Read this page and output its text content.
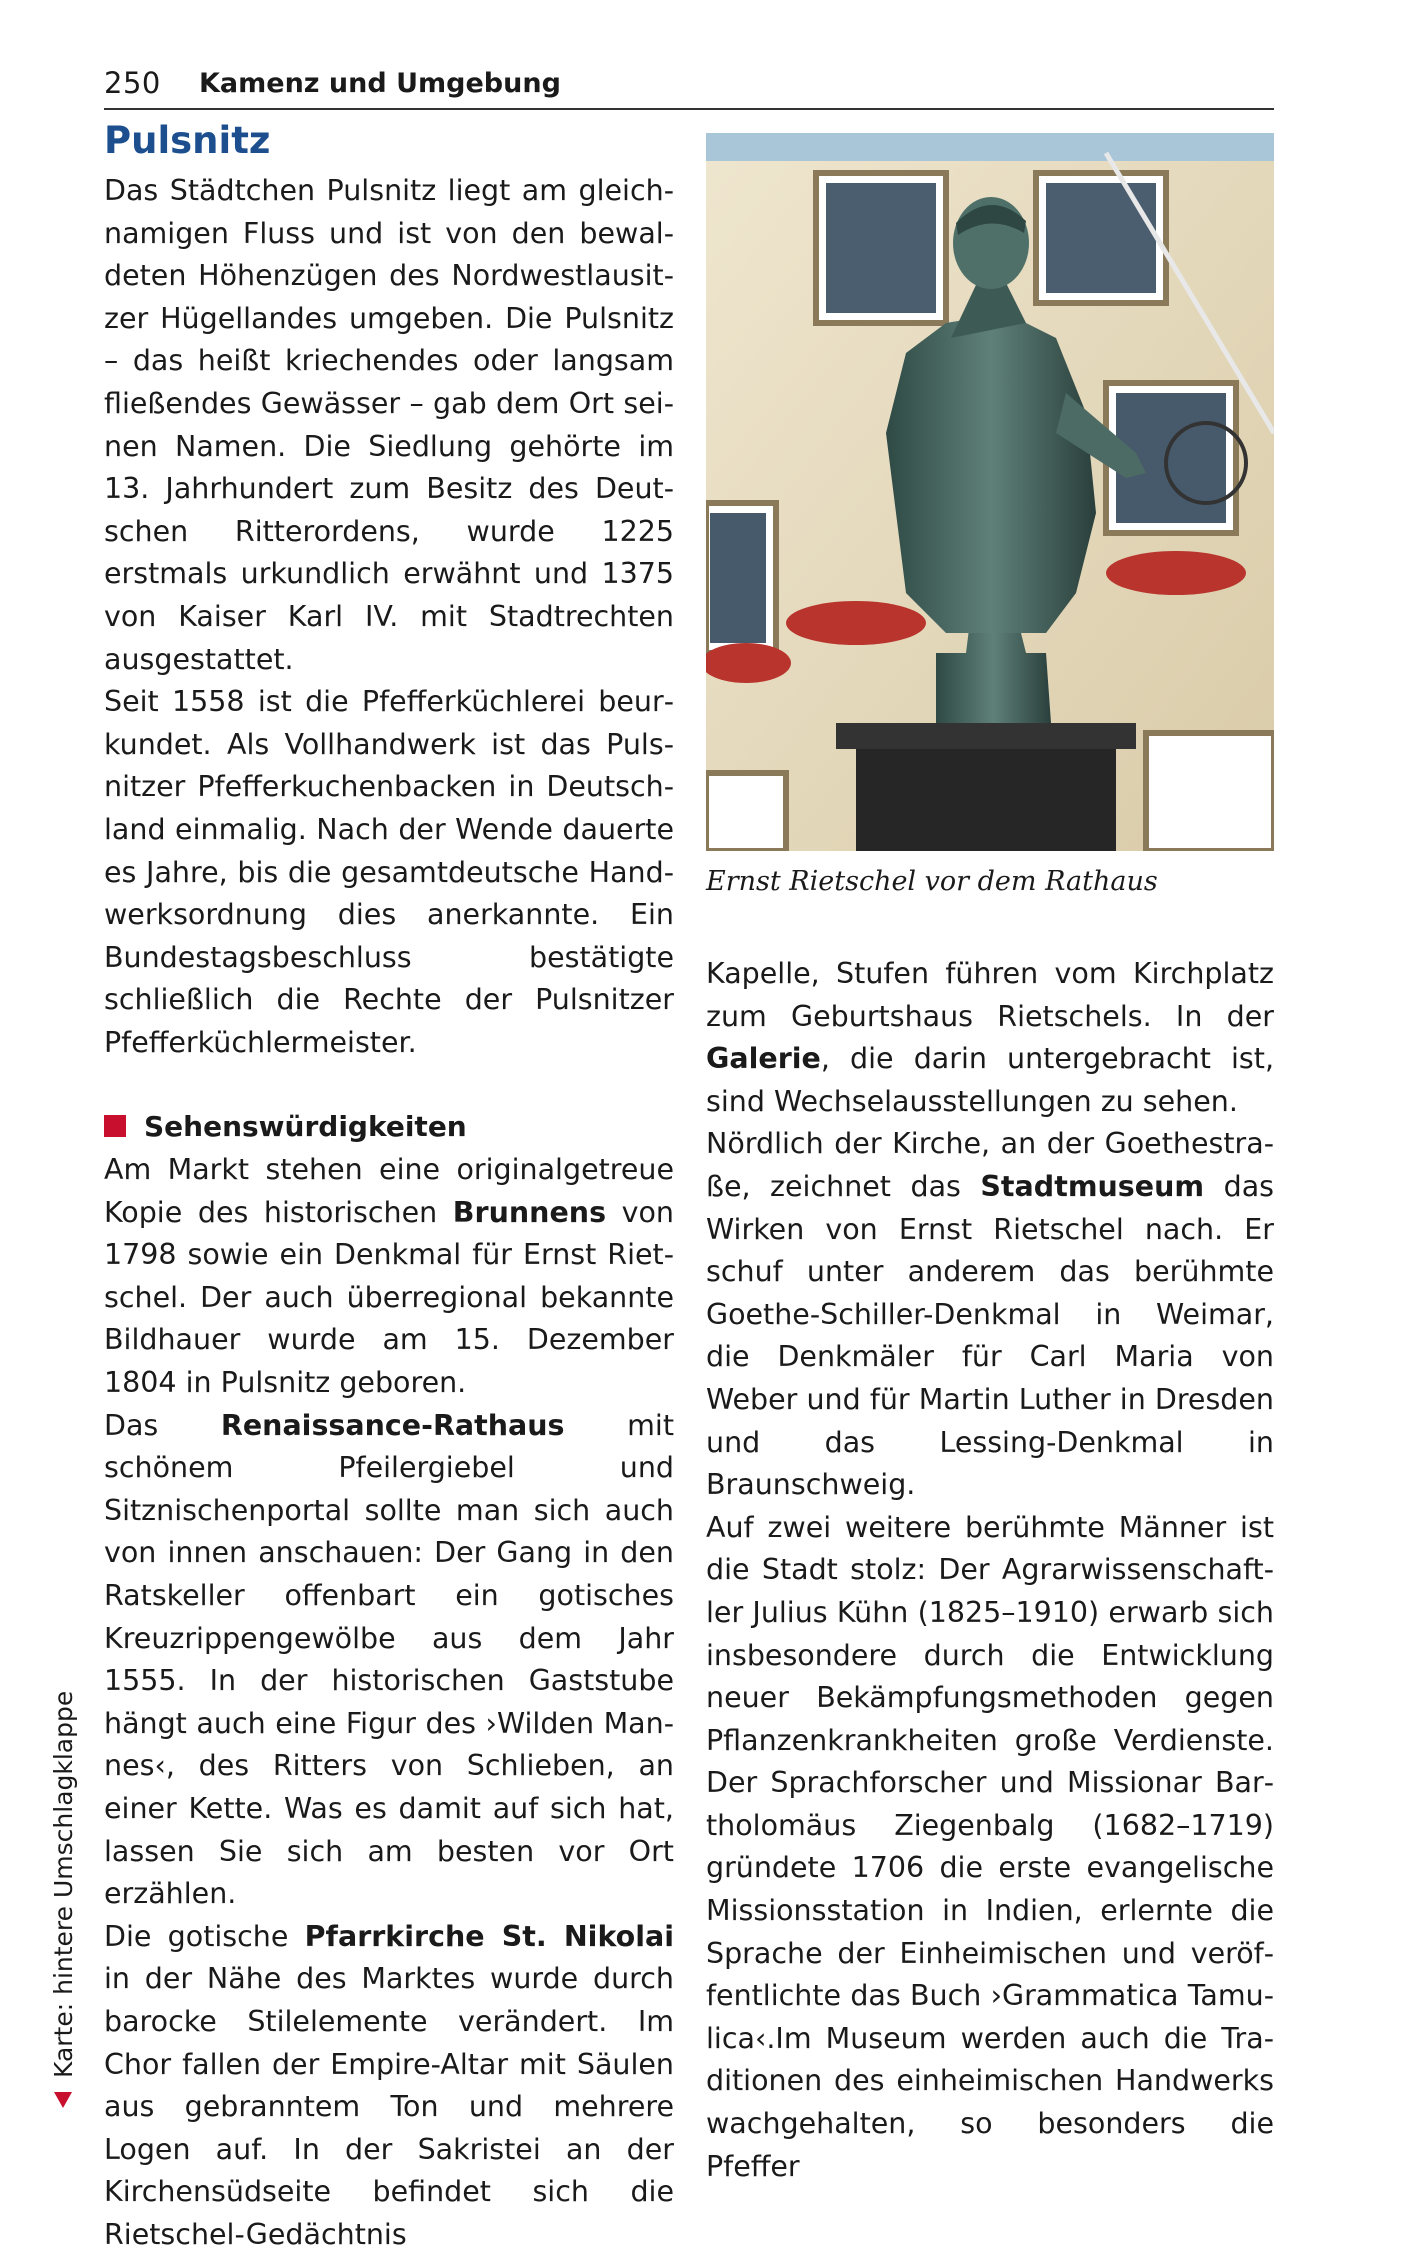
250 Kamenz und Umgebung
Pulsnitz

Das Städtchen Pulsnitz liegt am gleichnamigen Fluss und ist von den bewaldeten Höhenzügen des Nordwestlausitzer Hügellandes umgeben. Die Pulsnitz – das heißt kriechendes oder langsam fließendes Gewässer – gab dem Ort seinen Namen. Die Siedlung gehörte im 13. Jahrhundert zum Besitz des Deutschen Ritterordens, wurde 1225 erstmals urkundlich erwähnt und 1375 von Kaiser Karl IV. mit Stadtrechten ausgestattet.

Seit 1558 ist die Pfefferküchlerei beurkundet. Als Vollhandwerk ist das Pulsnitzer Pfefferkuchenbacken in Deutschland einmalig. Nach der Wende dauerte es Jahre, bis die gesamtdeutsche Handwerksordnung dies anerkannte. Ein Bundestagsbeschluss bestätigte schließlich die Rechte der Pulsnitzer Pfefferküchlermeister.

Sehenswürdigkeiten

Am Markt stehen eine originalgetreue Kopie des historischen Brunnens von 1798 sowie ein Denkmal für Ernst Rietschel. Der auch überregional bekannte Bildhauer wurde am 15. Dezember 1804 in Pulsnitz geboren.

Das Renaissance-Rathaus mit schönem Pfeilergiebel und Sitznischenportal sollte man sich auch von innen anschauen: Der Gang in den Ratskeller offenbart ein gotisches Kreuzrippengewölbe aus dem Jahr 1555. In der historischen Gaststube hängt auch eine Figur des ›Wilden Mannes‹, des Ritters von Schlieben, an einer Kette. Was es damit auf sich hat, lassen Sie sich am besten vor Ort erzählen.

Die gotische Pfarrkirche St. Nikolai in der Nähe des Marktes wurde durch barocke Stilelemente verändert. Im Chor fallen der Empire-Altar mit Säulen aus gebranntem Ton und mehrere Logen auf. In der Sakristei an der Kirchensüdseite befindet sich die Rietschel-Gedächtnis

Ernst Rietschel vor dem Rathaus

Kapelle, Stufen führen vom Kirchplatz zum Geburtshaus Rietschels. In der Galerie, die darin untergebracht ist, sind Wechselausstellungen zu sehen.

Nördlich der Kirche, an der Goethestraße, zeichnet das Stadtmuseum das Wirken von Ernst Rietschel nach. Er schuf unter anderem das berühmte Goethe-Schiller-Denkmal in Weimar, die Denkmäler für Carl Maria von Weber und für Martin Luther in Dresden und das Lessing-Denkmal in Braunschweig.

Auf zwei weitere berühmte Männer ist die Stadt stolz: Der Agrarwissenschaftler Julius Kühn (1825–1910) erwarb sich insbesondere durch die Entwicklung neuer Bekämpfungsmethoden gegen Pflanzenkrankheiten große Verdienste. Der Sprachforscher und Missionar Bartholomäus Ziegenbalg (1682–1719) gründete 1706 die erste evangelische Missionsstation in Indien, erlernte die Sprache der Einheimischen und veröffentlichte das Buch ›Grammatica Tamulica‹.Im Museum werden auch die Traditionen des einheimischen Handwerks wachgehalten, so besonders die Pfeffer

Karte: hintere Umschlagklappe
